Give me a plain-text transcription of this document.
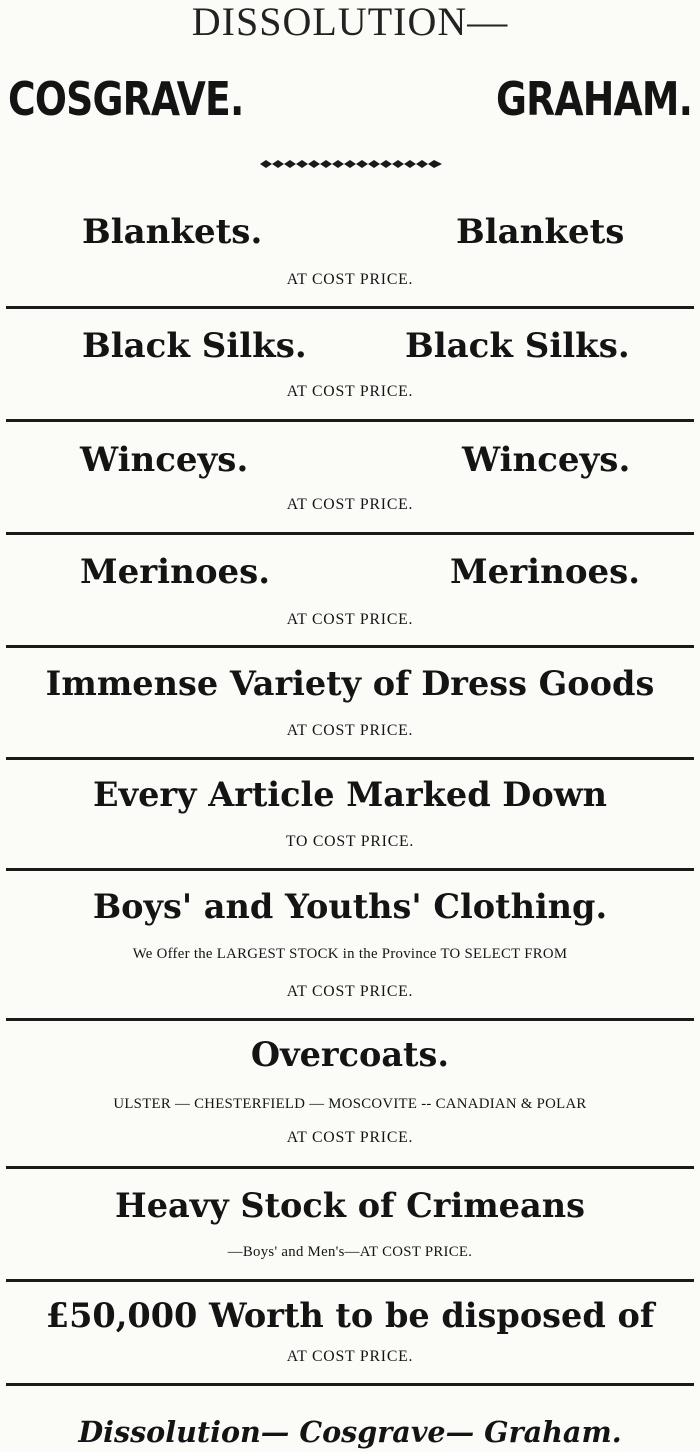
DISSOLUTION—
COSGRAVE.	GRAHAM.
Blankets.	Blankets
AT COST PRICE.
Black Silks.	Black Silks.
AT COST PRICE.
Winceys.	Winceys.
AT COST PRICE.
Merinoes.	Merinoes.
AT COST PRICE.
Immense Variety of Dress Goods
AT COST PRICE.
Every Article Marked Down
TO COST PRICE.
Boys' and Youths' Clothing.
We Offer the LARGEST STOCK in the Province TO SELECT FROM
AT COST PRICE.
Overcoats.
ULSTER — CHESTERFIELD — MOSCOVITE -- CANADIAN & POLAR
AT COST PRICE.
Heavy Stock of Crimeans
—Boys' and Men's—AT COST PRICE.
£50,000 Worth to be disposed of
AT COST PRICE.
Dissolution— Cosgrave— Graham.
